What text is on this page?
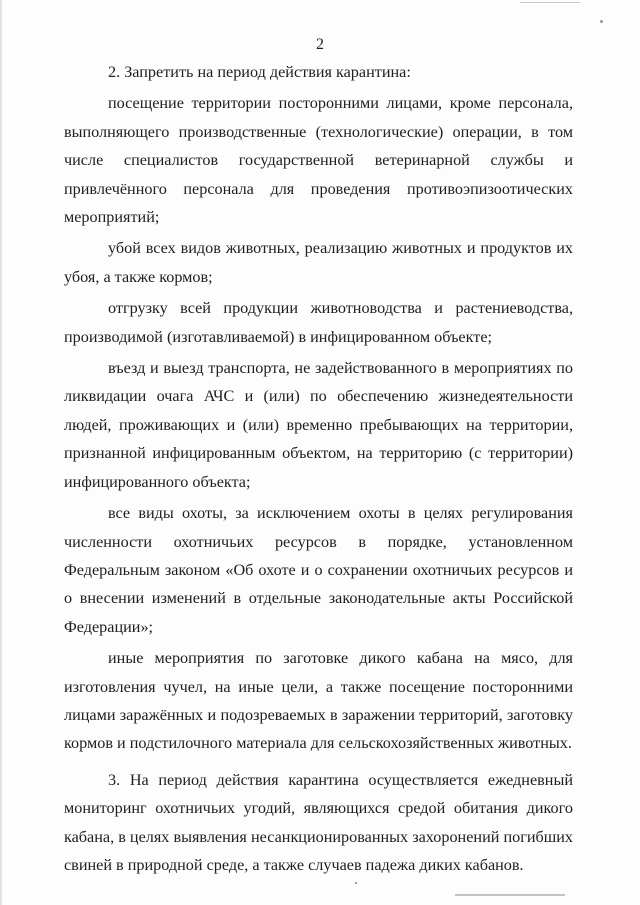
2

2. Запретить на период действия карантина:

посещение территории посторонними лицами, кроме персонала, выполняющего производственные (технологические) операции, в том числе специалистов государственной ветеринарной службы и привлечённого персонала для проведения противоэпизоотических мероприятий;

убой всех видов животных, реализацию животных и продуктов их убоя, а также кормов;

отгрузку всей продукции животноводства и растениеводства, производимой (изготавливаемой) в инфицированном объекте;

въезд и выезд транспорта, не задействованного в мероприятиях по ликвидации очага АЧС и (или) по обеспечению жизнедеятельности людей, проживающих и (или) временно пребывающих на территории, признанной инфицированным объектом, на территорию (с территории) инфицированного объекта;

все виды охоты, за исключением охоты в целях регулирования численности охотничьих ресурсов в порядке, установленном Федеральным законом «Об охоте и о сохранении охотничьих ресурсов и о внесении изменений в отдельные законодательные акты Российской Федерации»;

иные мероприятия по заготовке дикого кабана на мясо, для изготовления чучел, на иные цели, а также посещение посторонними лицами заражённых и подозреваемых в заражении территорий, заготовку кормов и подстилочного материала для сельскохозяйственных животных.

3. На период действия карантина осуществляется ежедневный мониторинг охотничьих угодий, являющихся средой обитания дикого кабана, в целях выявления несанкционированных захоронений погибших свиней в природной среде, а также случаев падежа диких кабанов.
